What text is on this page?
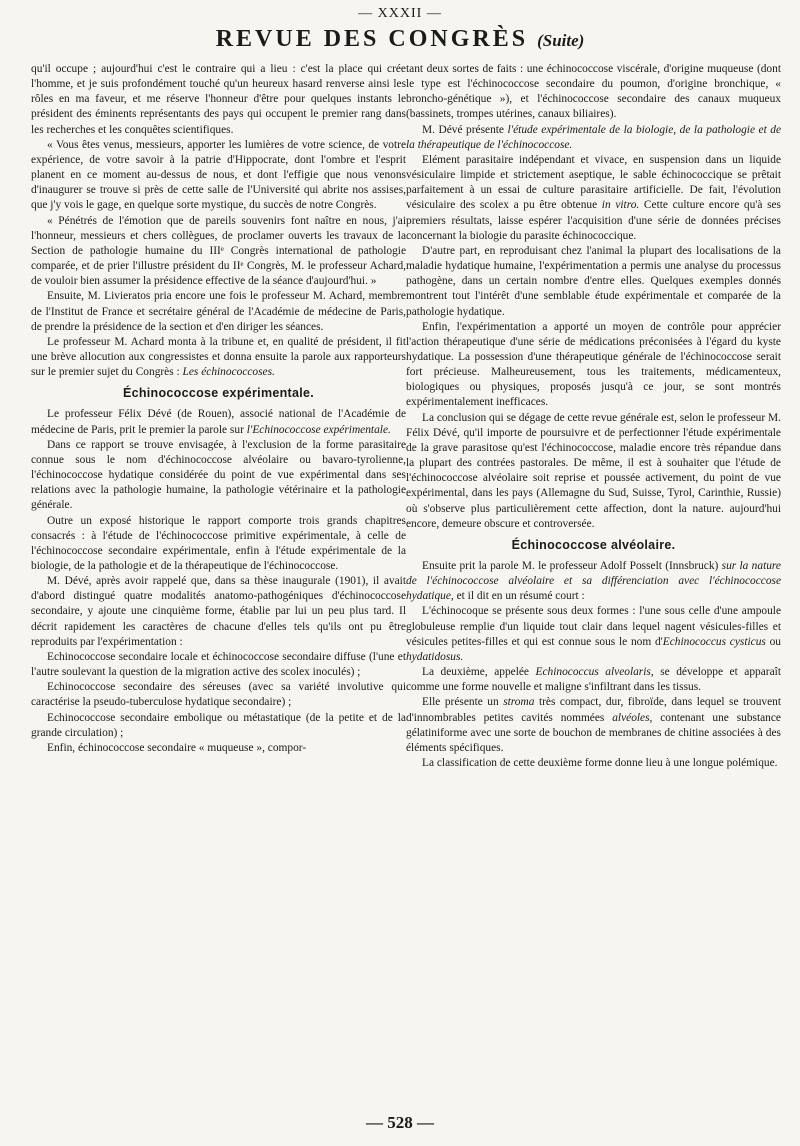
— XXXII —
REVUE DES CONGRÈS (Suite)

qu'il occupe ; aujourd'hui c'est le contraire qui a lieu : c'est la place qui crée l'homme, et je suis profondément touché qu'un heureux hasard renverse ainsi les rôles en ma faveur, et me réserve l'honneur d'être pour quelques instants le président des éminents représentants des pays qui occupent le premier rang dans les recherches et les conquêtes scientifiques.

« Vous êtes venus, messieurs, apporter les lumières de votre science, de votre expérience, de votre savoir à la patrie d'Hippocrate, dont l'ombre et l'esprit planent en ce moment au-dessus de nous, et dont l'effigie que nous venons d'inaugurer se trouve si près de cette salle de l'Université qui abrite nos assises, que j'y vois le gage, en quelque sorte mystique, du succès de notre Congrès.

« Pénétrés de l'émotion que de pareils souvenirs font naître en nous, j'ai l'honneur, messieurs et chers collègues, de proclamer ouverts les travaux de la Section de pathologie humaine du IIIᵉ Congrès international de pathologie comparée, et de prier l'illustre président du IIᵉ Congrès, M. le professeur Achard, de vouloir bien assumer la présidence effective de la séance d'aujourd'hui. »

Ensuite, M. Livieratos pria encore une fois le professeur M. Achard, membre de l'Institut de France et secrétaire général de l'Académie de médecine de Paris, de prendre la présidence de la section et d'en diriger les séances.

Le professeur M. Achard monta à la tribune et, en qualité de président, il fit une brève allocution aux congressistes et donna ensuite la parole aux rapporteurs sur le premier sujet du Congrès : Les échinococcoses.

Échinococcose expérimentale.

Le professeur Félix Dévé (de Rouen), associé national de l'Académie de médecine de Paris, prit le premier la parole sur l'Echinococcose expérimentale.

Dans ce rapport se trouve envisagée, à l'exclusion de la forme parasitaire connue sous le nom d'échinococcose alvéolaire ou bavaro-tyrolienne, l'échinococcose hydatique considérée du point de vue expérimental dans ses relations avec la pathologie humaine, la pathologie vétérinaire et la pathologie générale.

Outre un exposé historique le rapport comporte trois grands chapitres consacrés : à l'étude de l'échinococcose primitive expérimentale, à celle de l'échinococcose secondaire expérimentale, enfin à l'étude expérimentale de la biologie, de la pathologie et de la thérapeutique de l'échinococcose.

M. Dévé, après avoir rappelé que, dans sa thèse inaugurale (1901), il avait d'abord distingué quatre modalités anatomo-pathogéniques d'échinococcose secondaire, y ajoute une cinquième forme, établie par lui un peu plus tard. Il décrit rapidement les caractères de chacune d'elles tels qu'ils ont pu être reproduits par l'expérimentation :

Echinococcose secondaire locale et échinococcose secondaire diffuse (l'une et l'autre soulevant la question de la migration active des scolex inoculés) ;

Echinococcose secondaire des séreuses (avec sa variété involutive qui caractérise la pseudo-tuberculose hydatique secondaire) ;

Echinococcose secondaire embolique ou métastatique (de la petite et de la grande circulation) ;

Enfin, échinococcose secondaire « muqueuse », compor-

tant deux sortes de faits : une échinococcose viscérale, d'origine muqueuse (dont le type est l'échinococcose secondaire du poumon, d'origine bronchique, « broncho-génétique »), et l'échinococcose secondaire des canaux muqueux (bassinets, trompes utérines, canaux biliaires).

M. Dévé présente l'étude expérimentale de la biologie, de la pathologie et de la thérapeutique de l'échinococcose.

Elément parasitaire indépendant et vivace, en suspension dans un liquide vésiculaire limpide et strictement aseptique, le sable échinococcique se prêtait parfaitement à un essai de culture parasitaire artificielle. De fait, l'évolution vésiculaire des scolex a pu être obtenue in vitro. Cette culture encore qu'à ses premiers résultats, laisse espérer l'acquisition d'une série de données précises concernant la biologie du parasite échinococcique.

D'autre part, en reproduisant chez l'animal la plupart des localisations de la maladie hydatique humaine, l'expérimentation a permis une analyse du processus pathogène, dans un certain nombre d'entre elles. Quelques exemples donnés montrent tout l'intérêt d'une semblable étude expérimentale et comparée de la pathologie hydatique.

Enfin, l'expérimentation a apporté un moyen de contrôle pour apprécier l'action thérapeutique d'une série de médications préconisées à l'égard du kyste hydatique. La possession d'une thérapeutique générale de l'échinococcose serait fort précieuse. Malheureusement, tous les traitements, médicamenteux, biologiques ou physiques, proposés jusqu'à ce jour, se sont montrés expérimentalement inefficaces.

La conclusion qui se dégage de cette revue générale est, selon le professeur M. Félix Dévé, qu'il importe de poursuivre et de perfectionner l'étude expérimentale de la grave parasitose qu'est l'échinococcose, maladie encore très répandue dans la plupart des contrées pastorales. De même, il est à souhaiter que l'étude de l'échinococcose alvéolaire soit reprise et poussée activement, du point de vue expérimental, dans les pays (Allemagne du Sud, Suisse, Tyrol, Carinthie, Russie) où s'observe plus particulièrement cette affection, dont la nature. aujourd'hui encore, demeure obscure et controversée.

Échinococcose alvéolaire.

Ensuite prit la parole M. le professeur Adolf Posselt (Innsbruck) sur la nature de l'échinococcose alvéolaire et sa différenciation avec l'échinococcose hydatique, et il dit en un résumé court :

L'échinocoque se présente sous deux formes : l'une sous celle d'une ampoule globuleuse remplie d'un liquide tout clair dans lequel nagent vésicules-filles et vésicules petites-filles et qui est connue sous le nom d'Echinococcus cysticus ou hydatidosus.

La deuxième, appelée Echinococcus alveolaris, se développe et apparaît comme une forme nouvelle et maligne s'infiltrant dans les tissus.

Elle présente un stroma très compact, dur, fibroïde, dans lequel se trouvent d'innombrables petites cavités nommées alvéoles, contenant une substance gélatiniforme avec une sorte de bouchon de membranes de chitine associées à des éléments spécifiques.

La classification de cette deuxième forme donne lieu à une longue polémique.

— 528 —
